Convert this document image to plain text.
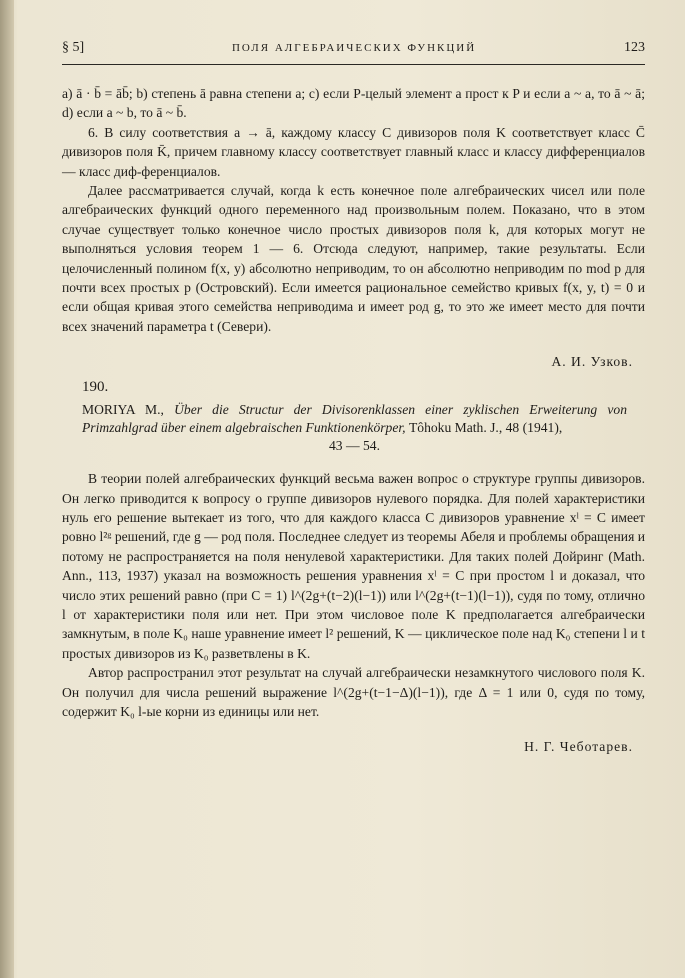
§ 5]	ПОЛЯ АЛГЕБРАИЧЕСКИХ ФУНКЦИЙ	123

a) ā · b̄ = āb̄; b) степень ā равна степени a; c) если P-целый элемент a прост к P и если a ~ a, то ā ~ ā; d) если a ~ b, то ā ~ b̄.

6. В силу соответствия a → ā, каждому классу C дивизоров поля K соответствует класс C̄ дивизоров поля K̄, причем главному классу соответствует главный класс и классу дифференциалов — класс диф-ференциалов.

Далее рассматривается случай, когда k есть конечное поле алгебраических чисел или поле алгебраических функций одного переменного над произвольным полем. Показано, что в этом случае существует только конечное число простых дивизоров поля k, для которых могут не выполняться условия теорем 1 — 6. Отсюда следуют, например, такие результаты. Если целочисленный полином f(x, y) абсолютно неприводим, то он абсолютно неприводим по mod p для почти всех простых p (Островский). Если имеется рациональное семейство кривых f(x, y, t) = 0 и если общая кривая этого семейства неприводима и имеет род g, то это же имеет место для почти всех значений параметра t (Севери).

А. И. Узков.
190.
MORIYA M., Über die Structur der Divisorenklassen einer zyklischen Erweiterung von Primzahlgrad über einem algebraischen Funktionenkörper, Tôhoku Math. J., 48 (1941),
43 — 54.

В теории полей алгебраических функций весьма важен вопрос о структуре группы дивизоров. Он легко приводится к вопросу о группе дивизоров нулевого порядка. Для полей характеристики нуль его решение вытекает из того, что для каждого класса C дивизоров уравнение xˡ = C имеет ровно l²ᵍ решений, где g — род поля. Последнее следует из теоремы Абеля и проблемы обращения и потому не распространяется на поля ненулевой характеристики. Для таких полей Дойринг (Math. Ann., 113, 1937) указал на возможность решения уравнения xˡ = C при простом l и доказал, что число этих решений равно (при C = 1) l^(2g+(t−2)(l−1)) или l^(2g+(t−1)(l−1)), судя по тому, отлично l от характеристики поля или нет. При этом числовое поле K предполагается алгебраически замкнутым, в поле K₀ наше уравнение имеет l² решений, K — циклическое поле над K₀ степени l и t простых дивизоров из K₀ разветвлены в K.

Автор распространил этот результат на случай алгебраически незамкнутого числового поля K. Он получил для числа решений выражение l^(2g+(t−1−Δ)(l−1)), где Δ = 1 или 0, судя по тому, содержит K₀ l-ые корни из единицы или нет.

Н. Г. Чеботарев.
